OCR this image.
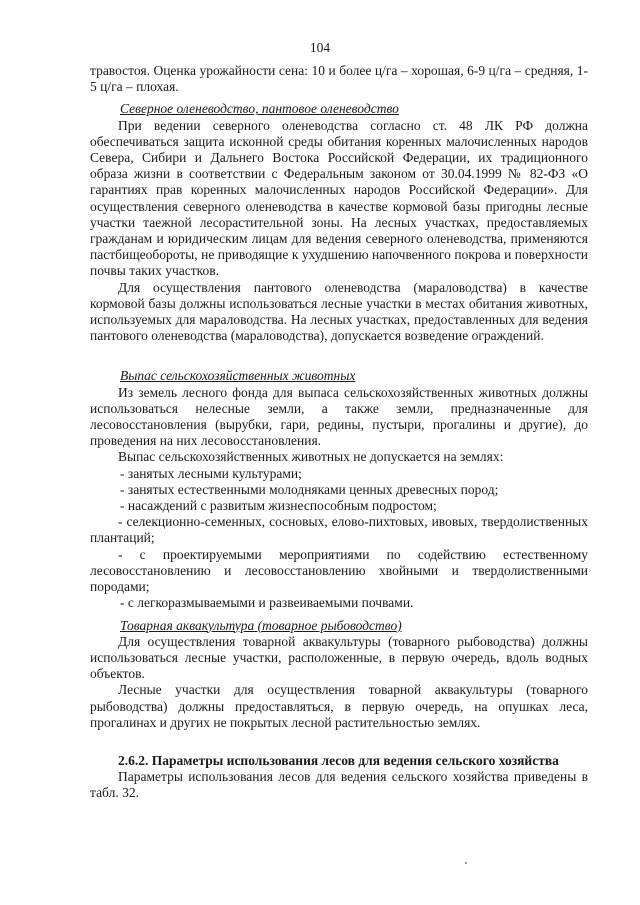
104

травостоя. Оценка урожайности сена: 10 и более ц/га – хорошая, 6-9 ц/га – средняя, 1-5 ц/га – плохая.

Северное оленеводство, пантовое оленеводство

При ведении северного оленеводства согласно ст. 48 ЛК РФ должна обеспечиваться защита исконной среды обитания коренных малочисленных народов Севера, Сибири и Дальнего Востока Российской Федерации, их традиционного образа жизни в соответствии с Федеральным законом от 30.04.1999 № 82-ФЗ «О гарантиях прав коренных малочисленных народов Российской Федерации». Для осуществления северного оленеводства в качестве кормовой базы пригодны лесные участки таежной лесорастительной зоны. На лесных участках, предоставляемых гражданам и юридическим лицам для ведения северного оленеводства, применяются пастбищеобороты, не приводящие к ухудшению напочвенного покрова и поверхности почвы таких участков.

Для осуществления пантового оленеводства (мараловодства) в качестве кормовой базы должны использоваться лесные участки в местах обитания животных, используемых для мараловодства. На лесных участках, предоставленных для ведения пантового оленеводства (мараловодства), допускается возведение ограждений.

Выпас сельскохозяйственных животных

Из земель лесного фонда для выпаса сельскохозяйственных животных должны использоваться нелесные земли, а также земли, предназначенные для лесовосстановления (вырубки, гари, редины, пустыри, прогалины и другие), до проведения на них лесовосстановления.

Выпас сельскохозяйственных животных не допускается на землях:

- занятых лесными культурами;

- занятых естественными молодняками ценных древесных пород;

- насаждений с развитым жизнеспособным подростом;

- селекционно-семенных, сосновых, елово-пихтовых, ивовых, твердолиственных плантаций;

- с проектируемыми мероприятиями по содействию естественному лесовосстановлению и лесовосстановлению хвойными и твердолиственными породами;

- с легкоразмываемыми и развеиваемыми почвами.

Товарная аквакультура (товарное рыбоводство)

Для осуществления товарной аквакультуры (товарного рыбоводства) должны использоваться лесные участки, расположенные, в первую очередь, вдоль водных объектов.

Лесные участки для осуществления товарной аквакультуры (товарного рыбоводства) должны предоставляться, в первую очередь, на опушках леса, прогалинах и других не покрытых лесной растительностью землях.

2.6.2. Параметры использования лесов для ведения сельского хозяйства

Параметры использования лесов для ведения сельского хозяйства приведены в табл. 32.
